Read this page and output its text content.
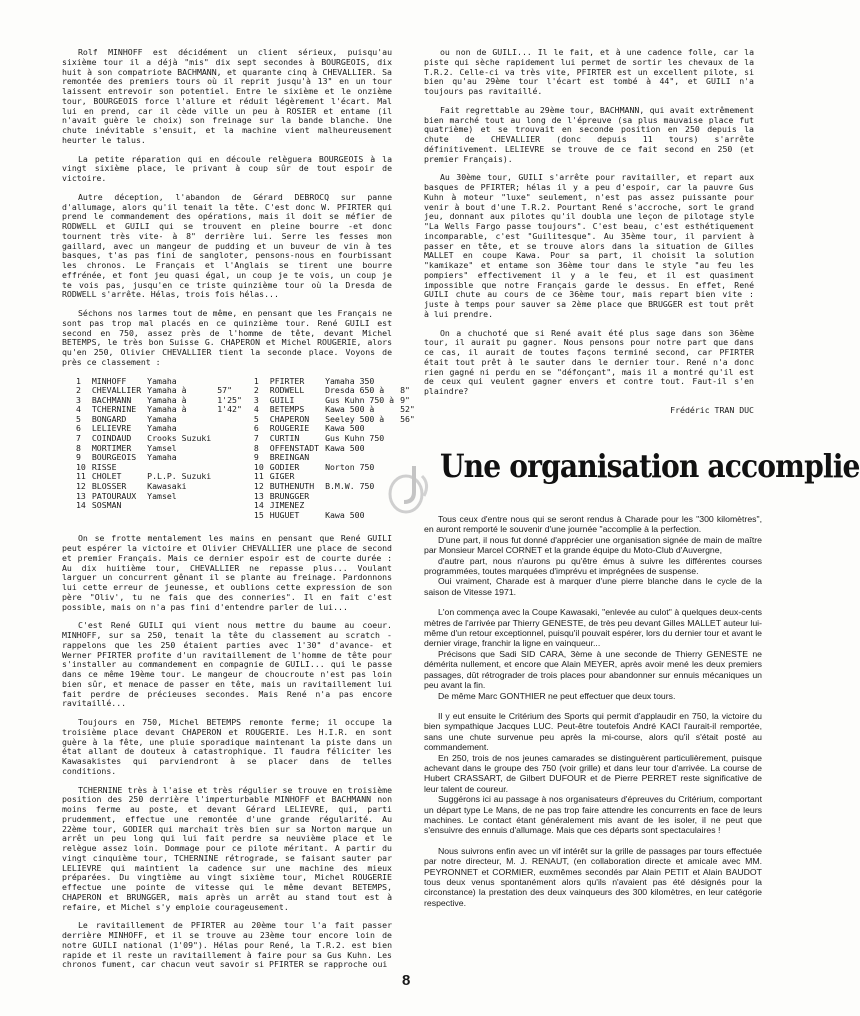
Rolf MINHOFF est décidément un client sérieux, puisqu'au sixième tour il a déjà "mis" dix sept secondes à BOURGEOIS, dix huit à son compatriote BACHMANN, et quarante cinq à CHEVALLIER. Sa remontée des premiers tours où il reprit jusqu'à 13" en un tour laissent entrevoir son potentiel. Entre le sixième et le onzième tour, BOURGEOIS force l'allure et réduit légèrement l'écart. Mal lui en prend, car il cède ville un peu à ROSIER et entame (il n'avait guère le choix) son freinage sur la bande blanche. Une chute inévitable s'ensuit, et la machine vient malheureusement heurter le talus.

La petite réparation qui en découle relèguera BOURGEOIS à la vingt sixième place, le privant à coup sûr de tout espoir de victoire.

Autre déception, l'abandon de Gérard DEBROCQ sur panne d'allumage, alors qu'il tenait la tête. C'est donc W. PFIRTER qui prend le commandement des opérations, mais il doit se méfier de RODWELL et GUILI qui se trouvent en pleine bourre -et donc tournent très vite- à 8" derrière lui. Serre les fesses mon gaillard, avec un mangeur de pudding et un buveur de vin à tes basques, t'as pas fini de sangloter, pensons-nous en fourbissant les chronos. Le Français et l'Anglais se tirent une bourre effrénée, et font jeu quasi égal, un coup je te vois, un coup je te vois pas, jusqu'en ce triste quinzième tour où la Dresda de RODWELL s'arrête. Hélas, trois fois hélas...

Séchons nos larmes tout de même, en pensant que les Français ne sont pas trop mal placés en ce quinzième tour. René GUILI est second en 750, assez près de l'homme de tête, devant Michel BETEMPS, le très bon Suisse G. CHAPERON et Michel ROUGERIE, alors qu'en 250, Olivier CHEVALLIER tient la seconde place. Voyons de près ce classement :

1	MINHOFF	Yamaha			1	PFIRTER	Yamaha 350	
2	CHEVALLIER	Yamaha à	57"		2	RODWELL	Dresda 650 à	8"
3	BACHMANN	Yamaha à	1'25"		3	GUILI	Gus Kuhn 750 à	9"
4	TCHERNINE	Yamaha à	1'42"		4	BETEMPS	Kawa 500 à	52"
5	BONGARD	Yamaha			5	CHAPERON	Seeley 500 à	56"
6	LELIEVRE	Yamaha			6	ROUGERIE	Kawa 500	
7	COINDAUD	Crooks Suzuki			7	CURTIN	Gus Kuhn 750	
8	MORTIMER	Yamsel			8	OFFENSTADT	Kawa 500	
9	BOURGEOIS	Yamaha			9	BREINGAN		
10	RISSE				10	GODIER	Norton 750	
11	CHOLET	P.L.P. Suzuki			11	GIGER		
12	BLOSSER	Kawasaki			12	BUTHENUTH	B.M.W. 750	
13	PATOURAUX	Yamsel			13	BRUNGGER		
14	SOSMAN				14	JIMENEZ		
					15	HUGUET	Kawa 500	

On se frotte mentalement les mains en pensant que René GUILI peut espérer la victoire et Olivier CHEVALLIER une place de second et premier Français. Mais ce dernier espoir est de courte durée : Au dix huitième tour, CHEVALLIER ne repasse plus... Voulant larguer un concurrent gênant il se plante au freinage. Pardonnons lui cette erreur de jeunesse, et oublions cette expression de son père "Oliv', tu ne fais que des conneries". Il en fait c'est possible, mais on n'a pas fini d'entendre parler de lui...

C'est René GUILI qui vient nous mettre du baume au coeur. MINHOFF, sur sa 250, tenait la tête du classement au scratch -rappelons que les 250 étaient parties avec 1'30" d'avance- et Werner PFIRTER profite d'un ravitaillement de l'homme de tête pour s'installer au commandement en compagnie de GUILI... qui le passe dans ce même 19ème tour. Le mangeur de choucroute n'est pas loin bien sûr, et menace de passer en tête, mais un ravitaillement lui fait perdre de précieuses secondes. Mais René n'a pas encore ravitaillé...

Toujours en 750, Michel BETEMPS remonte ferme; il occupe la troisième place devant CHAPERON et ROUGERIE. Les H.I.R. en sont guère à la fête, une pluie sporadique maintenant la piste dans un état allant de douteux à catastrophique. Il faudra féliciter les Kawasakistes qui parviendront à se placer dans de telles conditions.

TCHERNINE très à l'aise et très régulier se trouve en troisième position des 250 derrière l'imperturbable MINHOFF et BACHMANN non moins ferme au poste, et devant Gérard LELIEVRE, qui, parti prudemment, effectue une remontée d'une grande régularité. Au 22ème tour, GODIER qui marchait très bien sur sa Norton marque un arrêt un peu long qui lui fait perdre sa neuvième place et le relègue assez loin. Dommage pour ce pilote méritant. A partir du vingt cinquième tour, TCHERNINE rétrograde, se faisant sauter par LELIEVRE qui maintient la cadence sur une machine des mieux préparées. Du vingtième au vingt sixième tour, Michel ROUGERIE effectue une pointe de vitesse qui le même devant BETEMPS, CHAPERON et BRUNGGER, mais après un arrêt au stand tout est à refaire, et Michel s'y emploie courageusement.

Le ravitaillement de PFIRTER au 20ème tour l'a fait passer derrière MINHOFF, et il se trouve au 23ème tour encore loin de notre GUILI national (1'09"). Hélas pour René, la T.R.2. est bien rapide et il reste un ravitaillement à faire pour sa Gus Kuhn. Les chronos fument, car chacun veut savoir si PFIRTER se rapproche oui

ou non de GUILI... Il le fait, et à une cadence folle, car la piste qui sèche rapidement lui permet de sortir les chevaux de la T.R.2. Celle-ci va très vite, PFIRTER est un excellent pilote, si bien qu'au 29ème tour l'écart est tombé à 44", et GUILI n'a toujours pas ravitaillé.

Fait regrettable au 29ème tour, BACHMANN, qui avait extrêmement bien marché tout au long de l'épreuve (sa plus mauvaise place fut quatrième) et se trouvait en seconde position en 250 depuis la chute de CHEVALLIER (donc depuis 11 tours) s'arrête définitivement. LELIEVRE se trouve de ce fait second en 250 (et premier Français).

Au 30ème tour, GUILI s'arrête pour ravitailler, et repart aux basques de PFIRTER; hélas il y a peu d'espoir, car la pauvre Gus Kuhn à moteur "luxe" seulement, n'est pas assez puissante pour venir à bout d'une T.R.2. Pourtant René s'accroche, sort le grand jeu, donnant aux pilotes qu'il doubla une leçon de pilotage style "La Wells Fargo passe toujours". C'est beau, c'est esthétiquement incomparable, c'est "Guilitesque". Au 35ème tour, il parvient à passer en tête, et se trouve alors dans la situation de Gilles MALLET en coupe Kawa. Pour sa part, il choisit la solution "kamikaze" et entame son 36ème tour dans le style "au feu les pompiers" effectivement il y a le feu, et il est quasiment impossible que notre Français garde le dessus. En effet, René GUILI chute au cours de ce 36ème tour, mais repart bien vite : juste à temps pour sauver sa 2ème place que BRUGGER est tout prêt à lui prendre.

On a chuchoté que si René avait été plus sage dans son 36ème tour, il aurait pu gagner. Nous pensons pour notre part que dans ce cas, il aurait de toutes façons terminé second, car PFIRTER était tout prêt à le sauter dans le dernier tour. René n'a donc rien gagné ni perdu en se "défonçant", mais il a montré qu'il est de ceux qui veulent gagner envers et contre tout. Faut-il s'en plaindre?

Frédéric TRAN DUC

Une organisation accomplie

Tous ceux d'entre nous qui se seront rendus à Charade pour les "300 kilomètres", en auront remporté le souvenir d'une journée "accomplie à la perfection.

D'une part, il nous fut donné d'apprécier une organisation signée de main de maître par Monsieur Marcel CORNET et la grande équipe du Moto-Club d'Auvergne,

d'autre part, nous n'aurons pu qu'être émus à suivre les différentes courses programmées, toutes marquées d'imprévu et imprégnées de suspense.

Oui vraiment, Charade est à marquer d'une pierre blanche dans le cycle de la saison de Vitesse 1971.

L'on commença avec la Coupe Kawasaki, "enlevée au culot" à quelques deux-cents mètres de l'arrivée par Thierry GENESTE, de très peu devant Gilles MALLET auteur lui-même d'un retour exceptionnel, puisqu'il pouvait espérer, lors du dernier tour et avant le dernier virage, franchir la ligne en vainqueur...

Précisons que Sadi SID CARA, 3ème à une seconde de Thierry GENESTE ne démérita nullement, et encore que Alain MEYER, après avoir mené les deux premiers passages, dût rétrograder de trois places pour abandonner sur ennuis mécaniques un peu avant la fin.

De même Marc GONTHIER ne peut effectuer que deux tours.

Il y eut ensuite le Critérium des Sports qui permit d'applaudir en 750, la victoire du bien sympathique Jacques LUC. Peut-être toutefois André KACI l'aurait-il remportée, sans une chute survenue peu après la mi-course, alors qu'il s'était posté au commandement.

En 250, trois de nos jeunes camarades se distinguèrent particulièrement, puisque achevant dans le groupe des 750 (voir grille) et dans leur tour d'arrivée. La course de Hubert CRASSART, de Gilbert DUFOUR et de Pierre PERRET reste significative de leur talent de coureur.

Suggérons ici au passage à nos organisateurs d'épreuves du Critérium, comportant un départ type Le Mans, de ne pas trop faire attendre les concurrents en face de leurs machines. Le contact étant généralement mis avant de les isoler, il ne peut que s'ensuivre des ennuis d'allumage. Mais que ces départs sont spectaculaires !

Nous suivrons enfin avec un vif intérêt sur la grille de passages par tours effectuée par notre directeur, M. J. RENAUT, (en collaboration directe et amicale avec MM. PEYRONNET et CORMIER, euxmêmes secondés par Alain PETIT et Alain BAUDOT tous deux venus spontanément alors qu'ils n'avaient pas été désignés pour la circonstance) la prestation des deux vainqueurs des 300 kilomètres, en leur catégorie respective.

8
